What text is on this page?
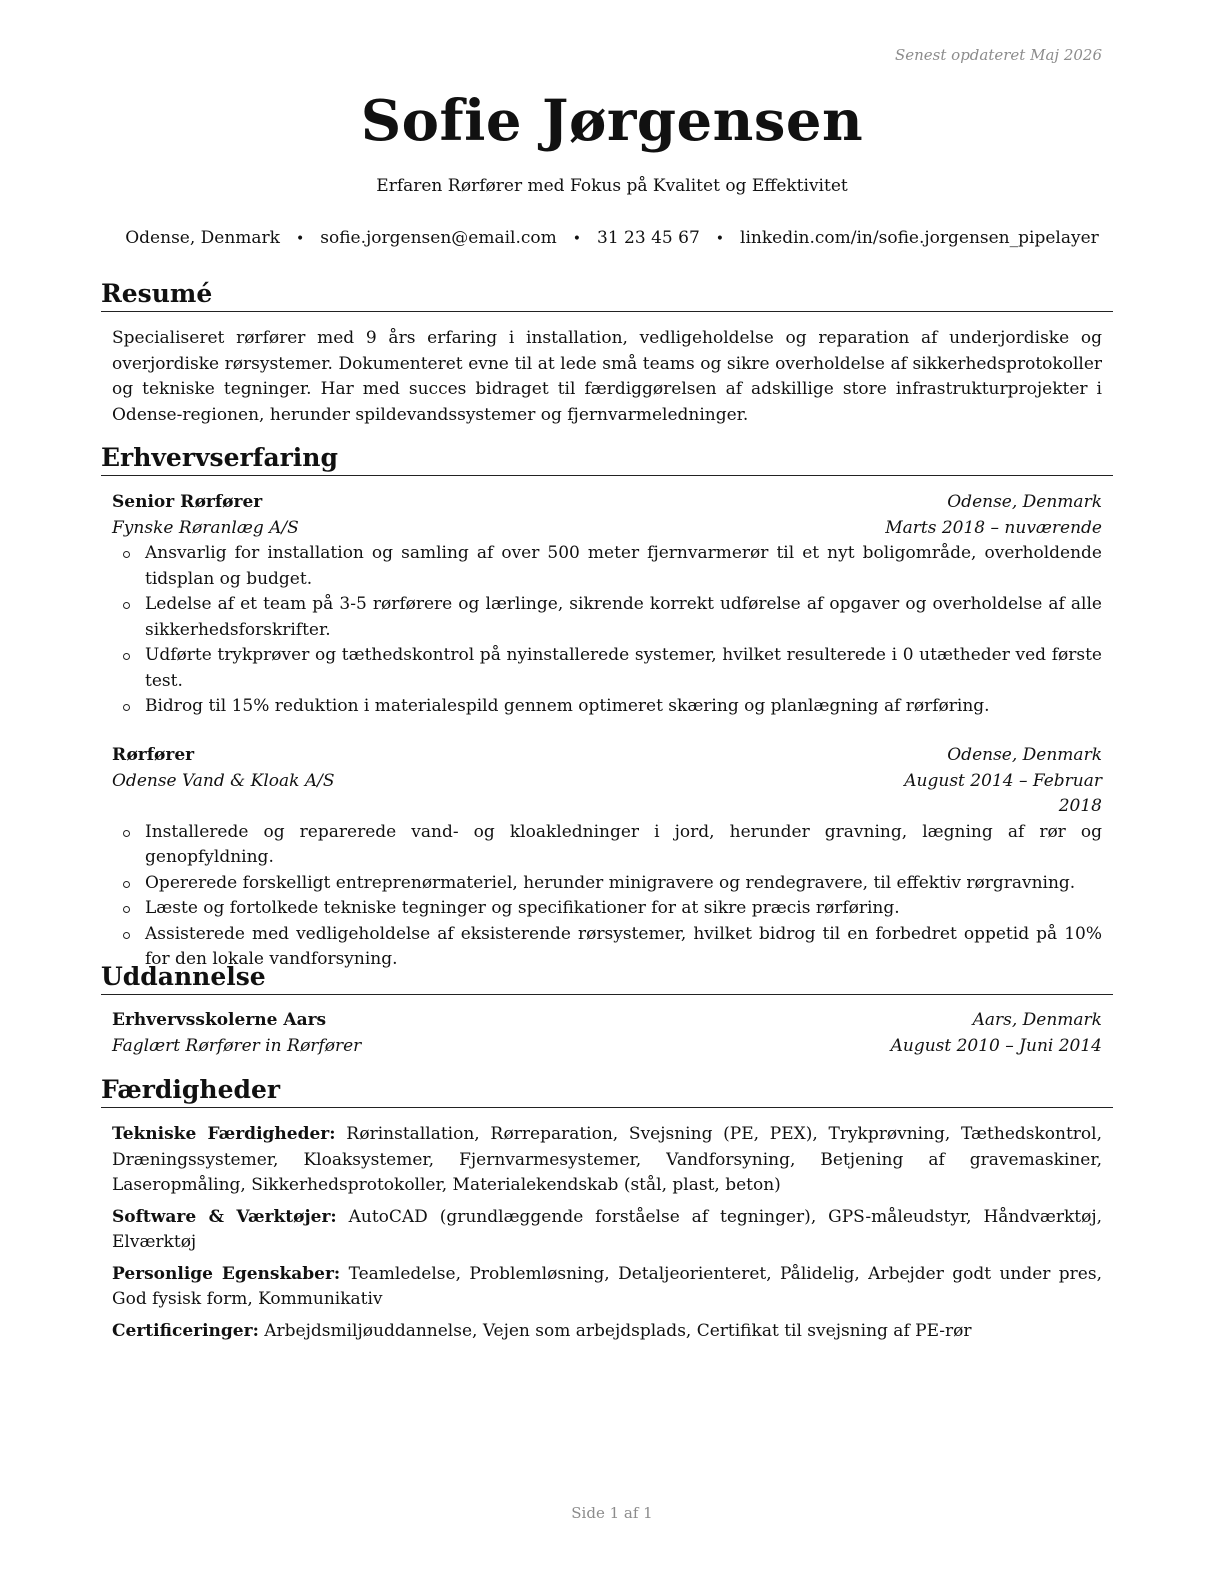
Senest opdateret Maj 2026
Sofie Jørgensen
Erfaren Rørfører med Fokus på Kvalitet og Effektivitet
Odense, Denmark • sofie.jorgensen@email.com • 31 23 45 67 • linkedin.com/in/sofie.jorgensen_pipelayer
Resumé
Specialiseret rørfører med 9 års erfaring i installation, vedligeholdelse og reparation af underjordiske og overjordiske rørsystemer. Dokumenteret evne til at lede små teams og sikre overholdelse af sikkerhedsprotokoller og tekniske tegninger. Har med succes bidraget til færdiggørelsen af adskillige store infrastrukturprojekter i Odense-regionen, herunder spildevandssystemer og fjernvarmeledninger.
Erhvervserfaring
Senior Rørfører	Odense, Denmark
Fynske Røranlæg A/S	Marts 2018 – nuværende
Ansvarlig for installation og samling af over 500 meter fjernvarmerør til et nyt boligområde, overholdende tidsplan og budget.
Ledelse af et team på 3-5 rørførere og lærlinge, sikrende korrekt udførelse af opgaver og overholdelse af alle sikkerhedsforskrifter.
Udførte trykprøver og tæthedskontrol på nyinstallerede systemer, hvilket resulterede i 0 utætheder ved første test.
Bidrog til 15% reduktion i materialespild gennem optimeret skæring og planlægning af rørføring.
Rørfører	Odense, Denmark
Odense Vand & Kloak A/S	August 2014 – Februar 2018
Installerede og reparerede vand- og kloakledninger i jord, herunder gravning, lægning af rør og genopfyldning.
Opererede forskelligt entreprenørmateriel, herunder minigravere og rendegravere, til effektiv rørgravning.
Læste og fortolkede tekniske tegninger og specifikationer for at sikre præcis rørføring.
Assisterede med vedligeholdelse af eksisterende rørsystemer, hvilket bidrog til en forbedret oppetid på 10% for den lokale vandforsyning.
Uddannelse
Erhvervsskolerne Aars	Aars, Denmark
Faglært Rørfører in Rørfører	August 2010 – Juni 2014
Færdigheder
Tekniske Færdigheder: Rørinstallation, Rørreparation, Svejsning (PE, PEX), Trykprøvning, Tæthedskontrol, Dræningssystemer, Kloaksystemer, Fjernvarmesystemer, Vandforsyning, Betjening af gravemaskiner, Laseropmåling, Sikkerhedsprotokoller, Materialekendskab (stål, plast, beton)
Software & Værktøjer: AutoCAD (grundlæggende forståelse af tegninger), GPS-måleudstyr, Håndværktøj, Elværktøj
Personlige Egenskaber: Teamledelse, Problemløsning, Detaljeorienteret, Pålidelig, Arbejder godt under pres, God fysisk form, Kommunikativ
Certificeringer: Arbejdsmiljøuddannelse, Vejen som arbejdsplads, Certifikat til svejsning af PE-rør
Side 1 af 1
